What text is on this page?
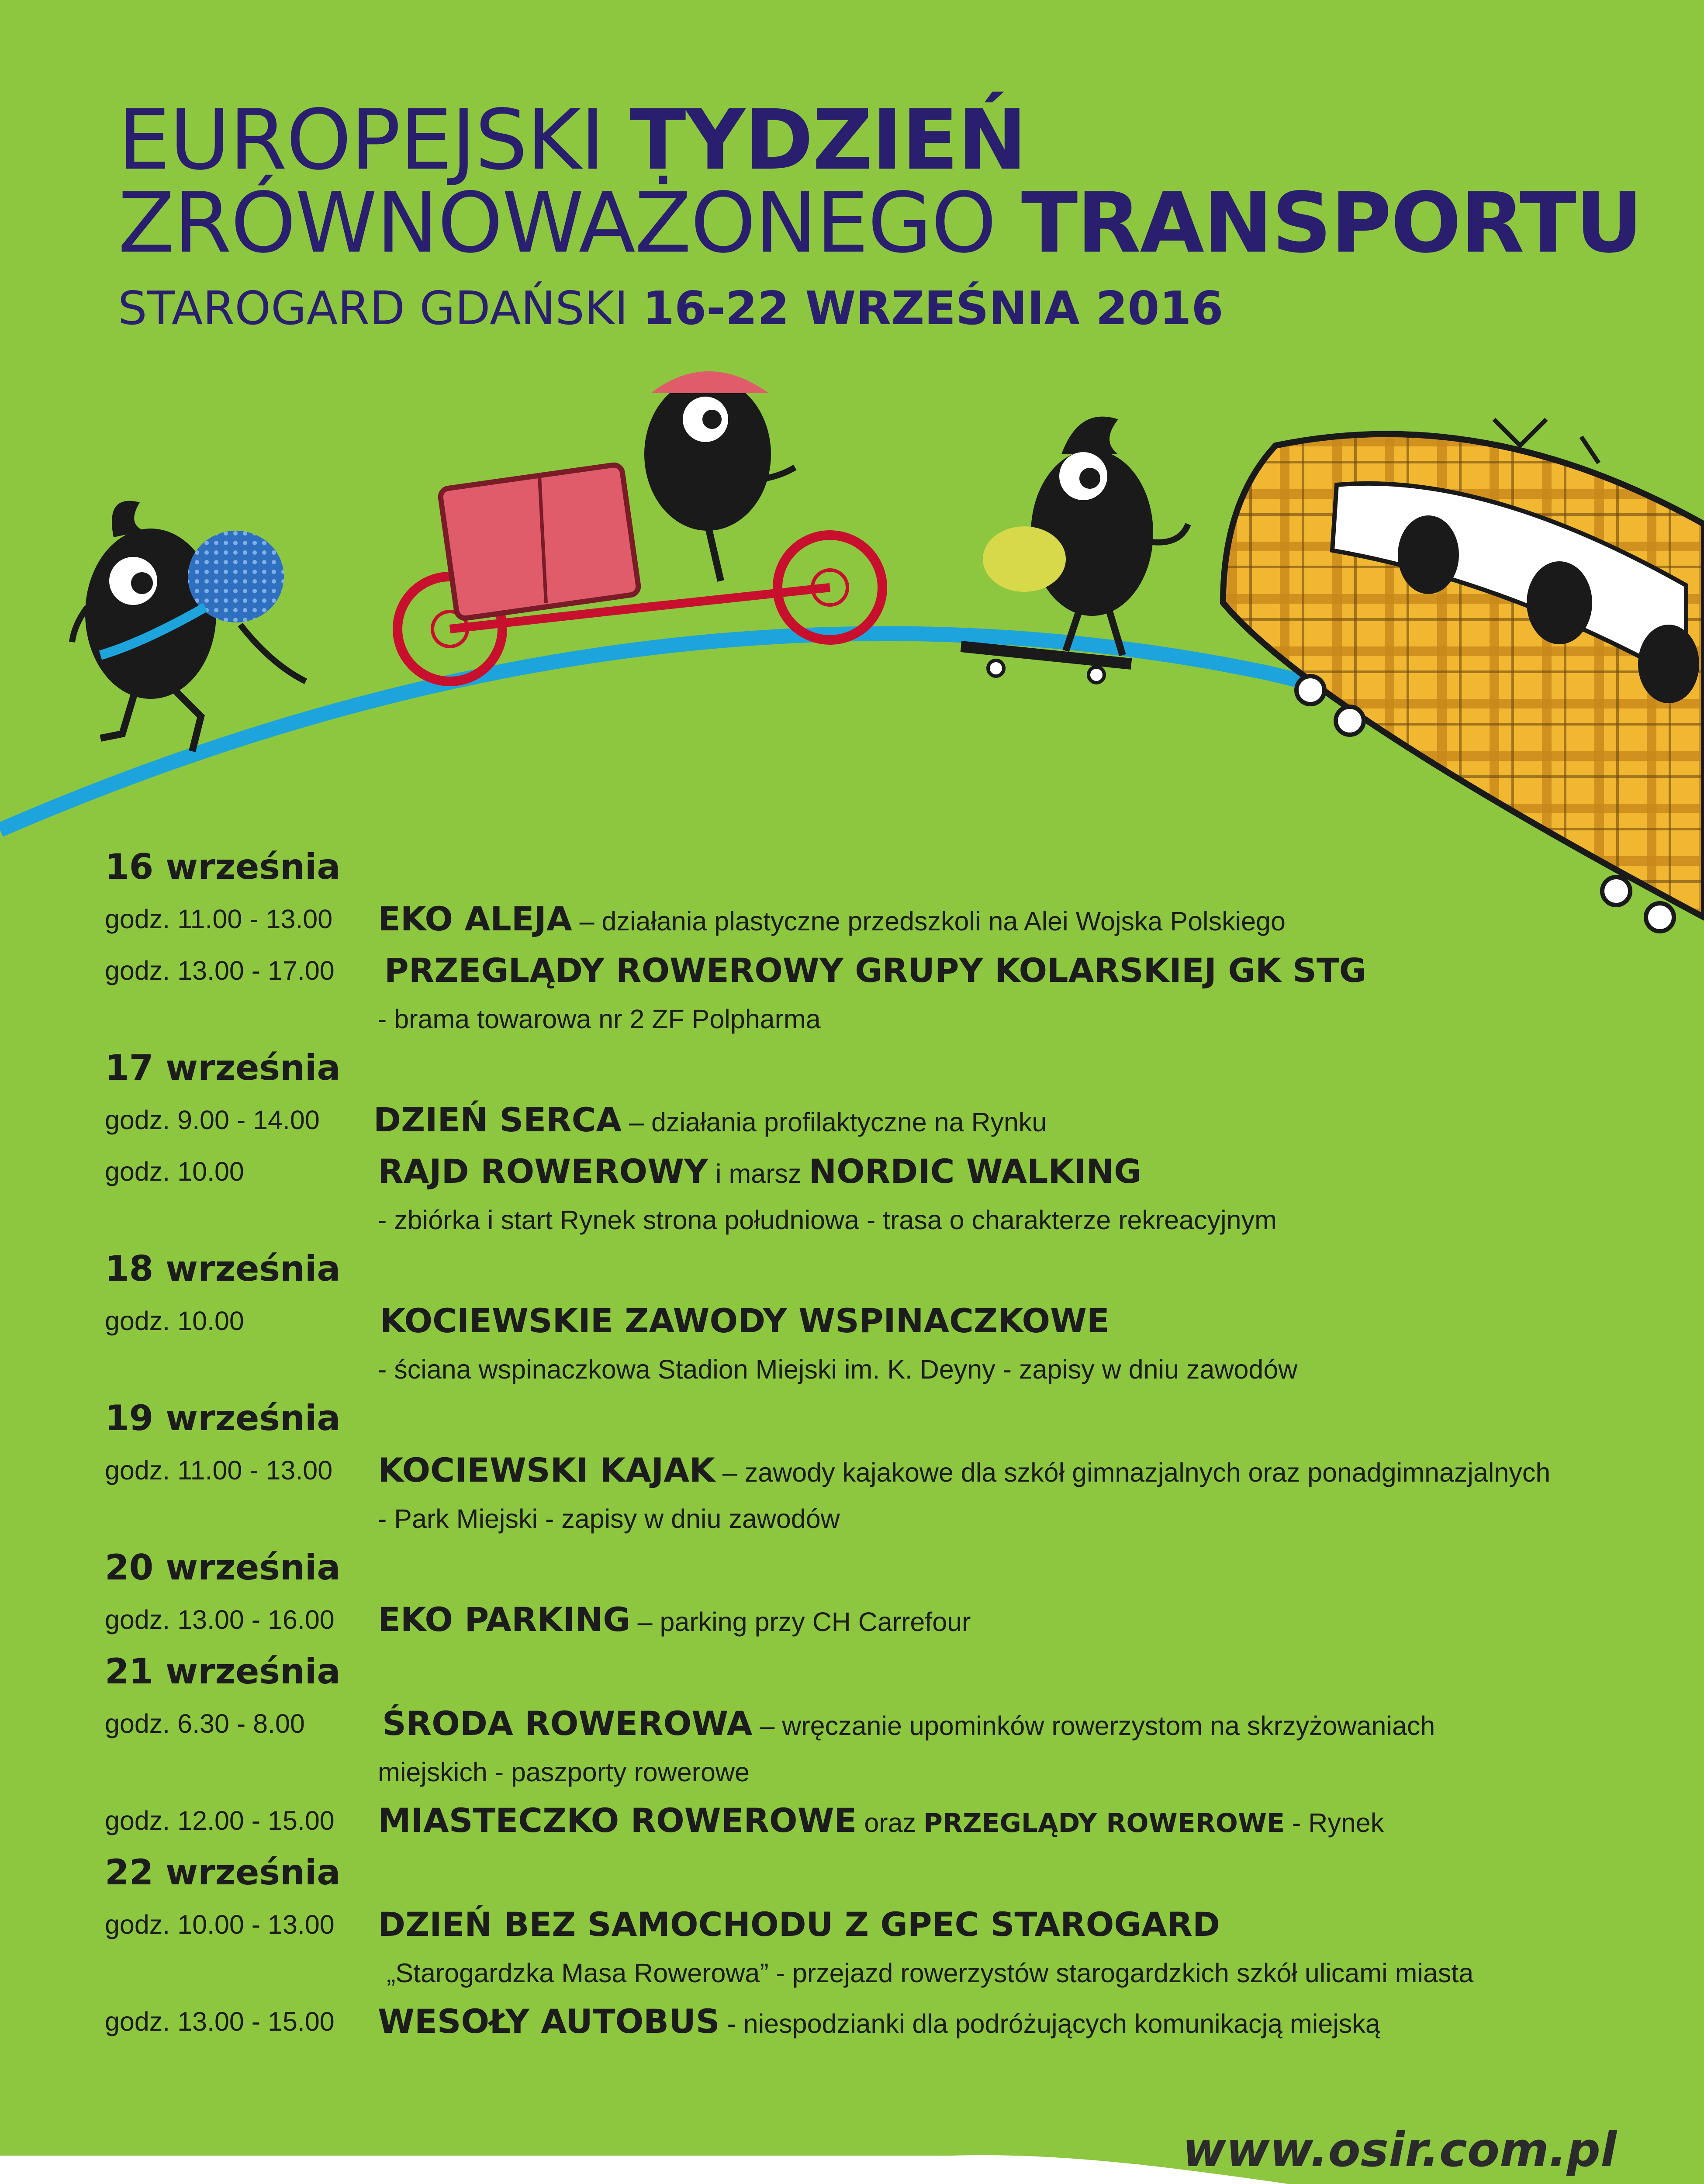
EUROPEJSKI TYDZIEŃ
ZRÓWNOWAŻONEGO TRANSPORTU
STAROGARD GDAŃSKI 16-22 WRZEŚNIA 2016
16 września
godz. 11.00 - 13.00 EKO ALEJA – działania plastyczne przedszkoli na Alei Wojska Polskiego
godz. 13.00 - 17.00 PRZEGLĄDY ROWEROWY GRUPY KOLARSKIEJ GK STG
- brama towarowa nr 2 ZF Polpharma
17 września
godz. 9.00 - 14.00 DZIEŃ SERCA – działania profilaktyczne na Rynku
godz. 10.00	RAJD ROWEROWY i marsz NORDIC WALKING
- zbiórka i start Rynek strona południowa - trasa o charakterze rekreacyjnym
18 września
godz. 10.00	KOCIEWSKIE ZAWODY WSPINACZKOWE
- ściana wspinaczkowa Stadion Miejski im. K. Deyny - zapisy w dniu zawodów
19 września
godz. 11.00 - 13.00 KOCIEWSKI KAJAK – zawody kajakowe dla szkół gimnazjalnych oraz ponadgimnazjalnych
- Park Miejski - zapisy w dniu zawodów
20 września
godz. 13.00 - 16.00 EKO PARKING – parking przy CH Carrefour
21 września
godz. 6.30 - 8.00 ŚRODA ROWEROWA – wręczanie upominków rowerzystom na skrzyżowaniach
miejskich - paszporty rowerowe
godz. 12.00 - 15.00 MIASTECZKO ROWEROWE oraz PRZEGLĄDY ROWEROWE - Rynek
22 września
godz. 10.00 - 13.00 DZIEŃ BEZ SAMOCHODU Z GPEC STAROGARD
„Starogardzka Masa Rowerowa” - przejazd rowerzystów starogardzkich szkół ulicami miasta
godz. 13.00 - 15.00 WESOŁY AUTOBUS - niespodzianki dla podróżujących komunikacją miejską
www.osir.com.pl
